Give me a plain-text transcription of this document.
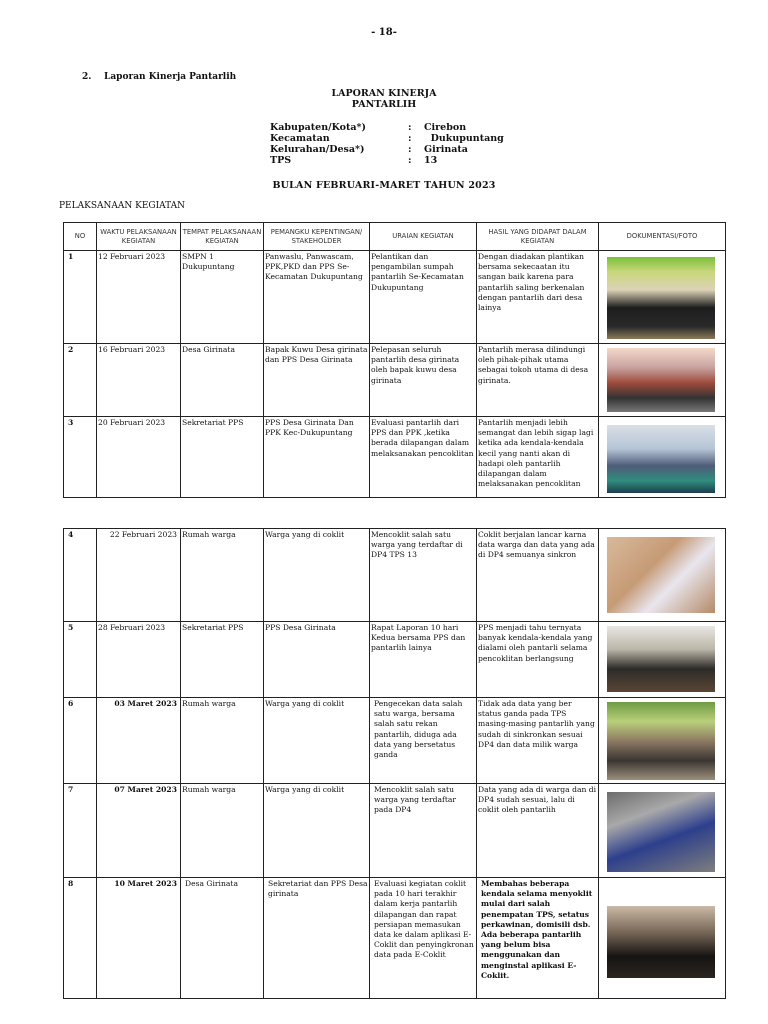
- 18-
2. Laporan Kinerja Pantarlih
LAPORAN KINERJA
PANTARLIH
Kabupaten/Kota*)	:	Cirebon
Kecamatan	:	Dukupuntang
Kelurahan/Desa*)	:	Girinata
TPS	:	13
BULAN FEBRUARI-MARET TAHUN 2023
PELAKSANAAN KEGIATAN
NO	WAKTU PELAKSANAAN KEGIATAN	TEMPAT PELAKSANAAN KEGIATAN	PEMANGKU KEPENTINGAN/ STAKEHOLDER	URAIAN KEGIATAN	HASIL YANG DIDAPAT DALAM KEGIATAN	DOKUMENTASI/FOTO
1	12 Februari 2023	SMPN 1 Dukupuntang	Panwaslu, Panwascam, PPK,PKD dan PPS Se-Kecamatan Dukupuntang	Pelantikan dan pengambilan sumpah pantarlih Se-Kecamatan Dukupuntang	Dengan diadakan plantikan bersama sekecaatan itu sangan baik karena para pantarlih saling berkenalan dengan pantarlih dari desa lainya	

2	16 Februari 2023	Desa Girinata	Bapak Kuwu Desa girinata dan PPS Desa Girinata	Pelepasan seluruh pantarlih desa girinata oleh bapak kuwu desa girinata	Pantarlih merasa dilindungi oleh pihak-pihak utama sebagai tokoh utama di desa girinata.	

3	20 Februari 2023	Sekretariat PPS	PPS Desa Girinata Dan PPK Kec-Dukupuntang	Evaluasi pantarlih dari PPS dan PPK ,ketika berada dilapangan dalam melaksanakan pencoklitan	Pantarlih menjadi lebih semangat dan lebih sigap lagi ketika ada kendala-kendala kecil yang nanti akan di hadapi oleh pantarlih dilapangan dalam melaksanakan pencoklitan	
4	22 Februari 2023	Rumah warga	Warga yang di coklit	Mencoklit salah satu warga yang terdaftar di DP4 TPS 13	Coklit berjalan lancar karna data warga dan data yang ada di DP4 semuanya sinkron	

5	28 Februari 2023	Sekretariat PPS	PPS Desa Girinata	Rapat Laporan 10 hari Kedua bersama PPS dan pantarlih lainya	PPS menjadi tahu ternyata banyak kendala-kendala yang dialami oleh pantarli selama pencoklitan berlangsung	

6	03 Maret 2023	Rumah warga	Warga yang di coklit	Pengecekan data salah satu warga, bersama salah satu rekan pantarlih, diduga ada data yang bersetatus ganda	Tidak ada data yang ber status ganda pada TPS masing-masing pantarlih yang sudah di sinkronkan sesuai DP4 dan data milik warga	

7	07 Maret 2023	Rumah warga	Warga yang di coklit	Mencoklit salah satu warga yang terdaftar pada DP4	Data yang ada di warga dan di DP4 sudah sesuai, lalu di coklit oleh pantarlih	

8	10 Maret 2023	Desa Girinata	Sekretariat dan PPS Desa girinata	Evaluasi kegiatan coklit pada 10 hari terakhir dalam kerja pantarlih dilapangan dan rapat persiapan memasukan data ke dalam aplikasi E-Coklit dan penyingkronan data pada E-Coklit	Membahas beberapa kendala selama menyoklit mulai dari salah penempatan TPS, setatus perkawinan, domisili dsb. Ada beberapa pantarlih yang belum bisa menggunakan dan menginstal aplikasi E-Coklit.	
